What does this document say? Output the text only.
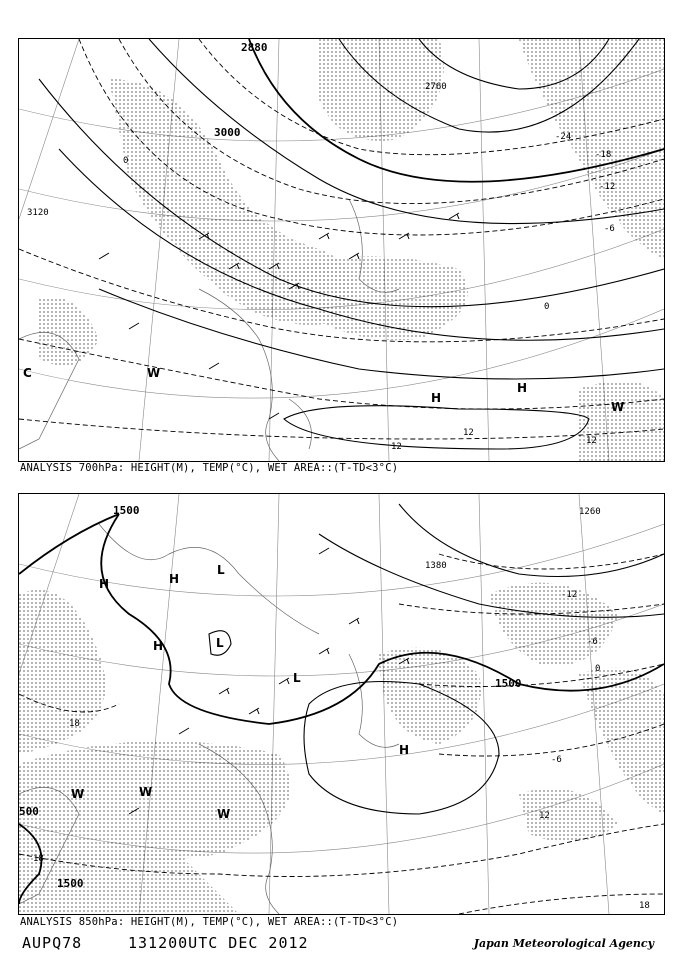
2880
3000
3120
2760
0
-24
-18
-12
-6
0
12
12
12
C	W
H
H
W
ANALYSIS 700hPa: HEIGHT(M), TEMP(°C), WET AREA::(T-TD<3°C)
1500
1380
1260
1500
500
1500
-12
-6
0
-6
12
18
18
18
H	H
L
H	L
L
H
W	W
W
ANALYSIS 850hPa: HEIGHT(M), TEMP(°C), WET AREA::(T-TD<3°C)
AUPQ78	131200UTC DEC 2012	Japan Meteorological Agency
